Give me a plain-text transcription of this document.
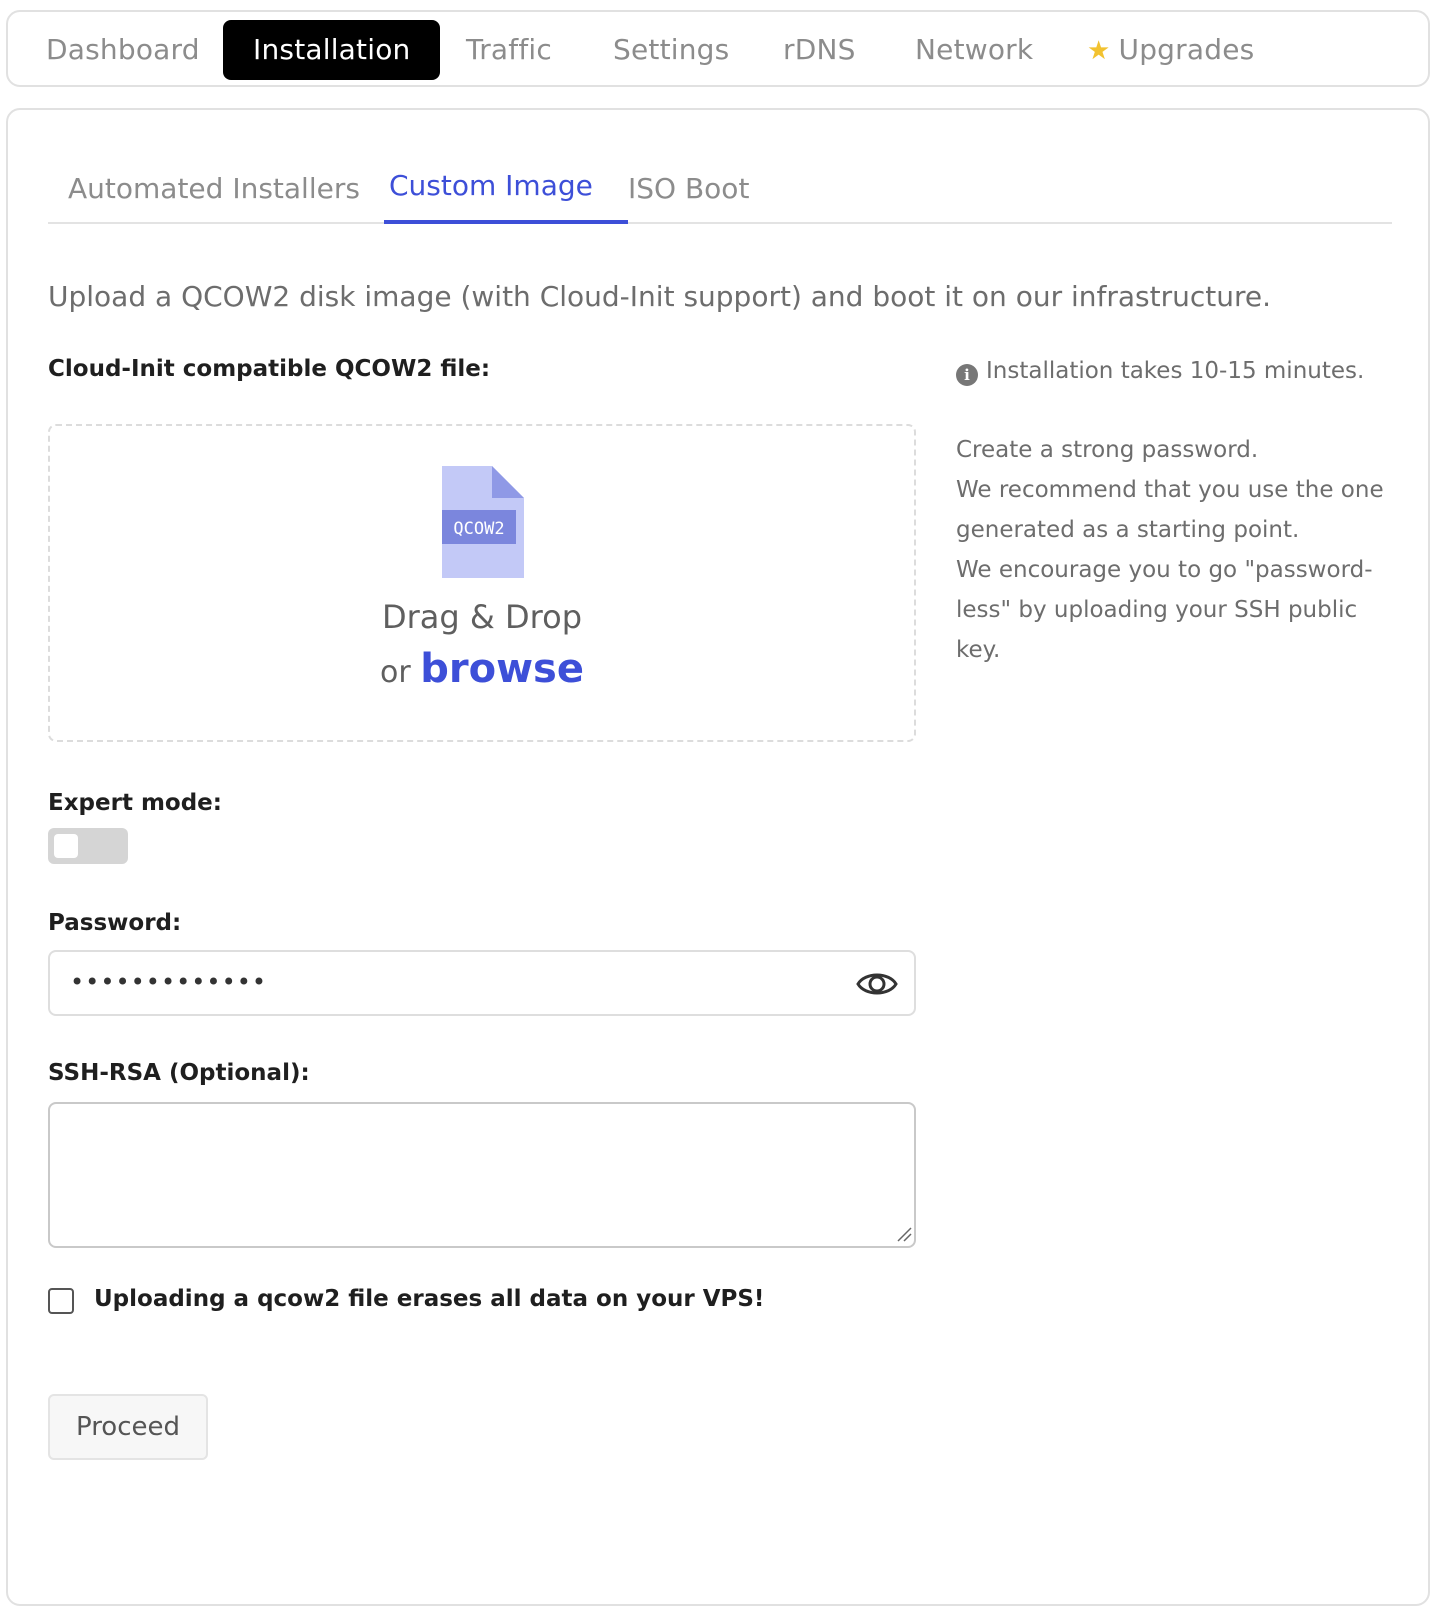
Dashboard	Installation	Traffic Settings rDNS Network ★ Upgrades
Automated Installers Custom Image ISO Boot
Upload a QCOW2 disk image (with Cloud-Init support) and boot it on our infrastructure.
Cloud-Init compatible QCOW2 file:
QCOW2
Drag & Drop
or browse
i Installation takes 10-15 minutes.
Create a strong password.
We recommend that you use the one generated as a starting point.
We encourage you to go "password-less" by uploading your SSH public key.
Expert mode:
Password:
•••••••••••••
SSH-RSA (Optional):
Uploading a qcow2 file erases all data on your VPS!
Proceed
